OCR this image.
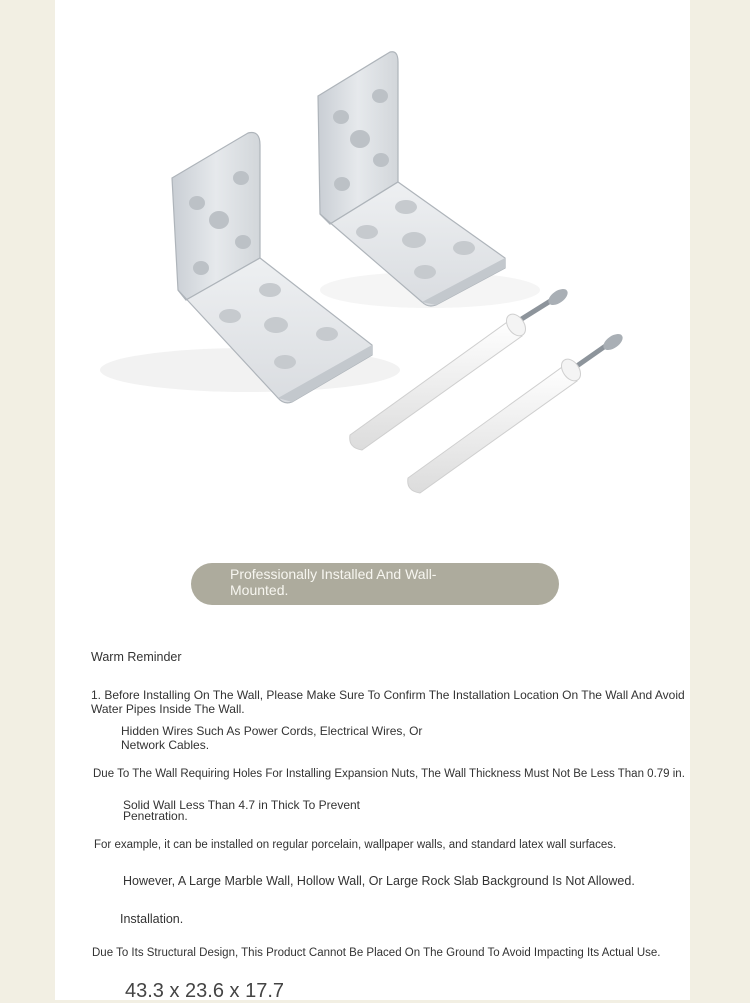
Professionally Installed And Wall-Mounted.

Warm Reminder

1. Before Installing On The Wall, Please Make Sure To Confirm The Installation Location On The Wall And Avoid Water Pipes Inside The Wall.

Hidden Wires Such As Power Cords, Electrical Wires, Or Network Cables.

Due To The Wall Requiring Holes For Installing Expansion Nuts, The Wall Thickness Must Not Be Less Than 0.79 in.

Solid Wall Less Than 4.7 in Thick To Prevent Penetration.

For example, it can be installed on regular porcelain, wallpaper walls, and standard latex wall surfaces.

However, A Large Marble Wall, Hollow Wall, Or Large Rock Slab Background Is Not Allowed.

Installation.

Due To Its Structural Design, This Product Cannot Be Placed On The Ground To Avoid Impacting Its Actual Use.

43.3 x 23.6 x 17.7
